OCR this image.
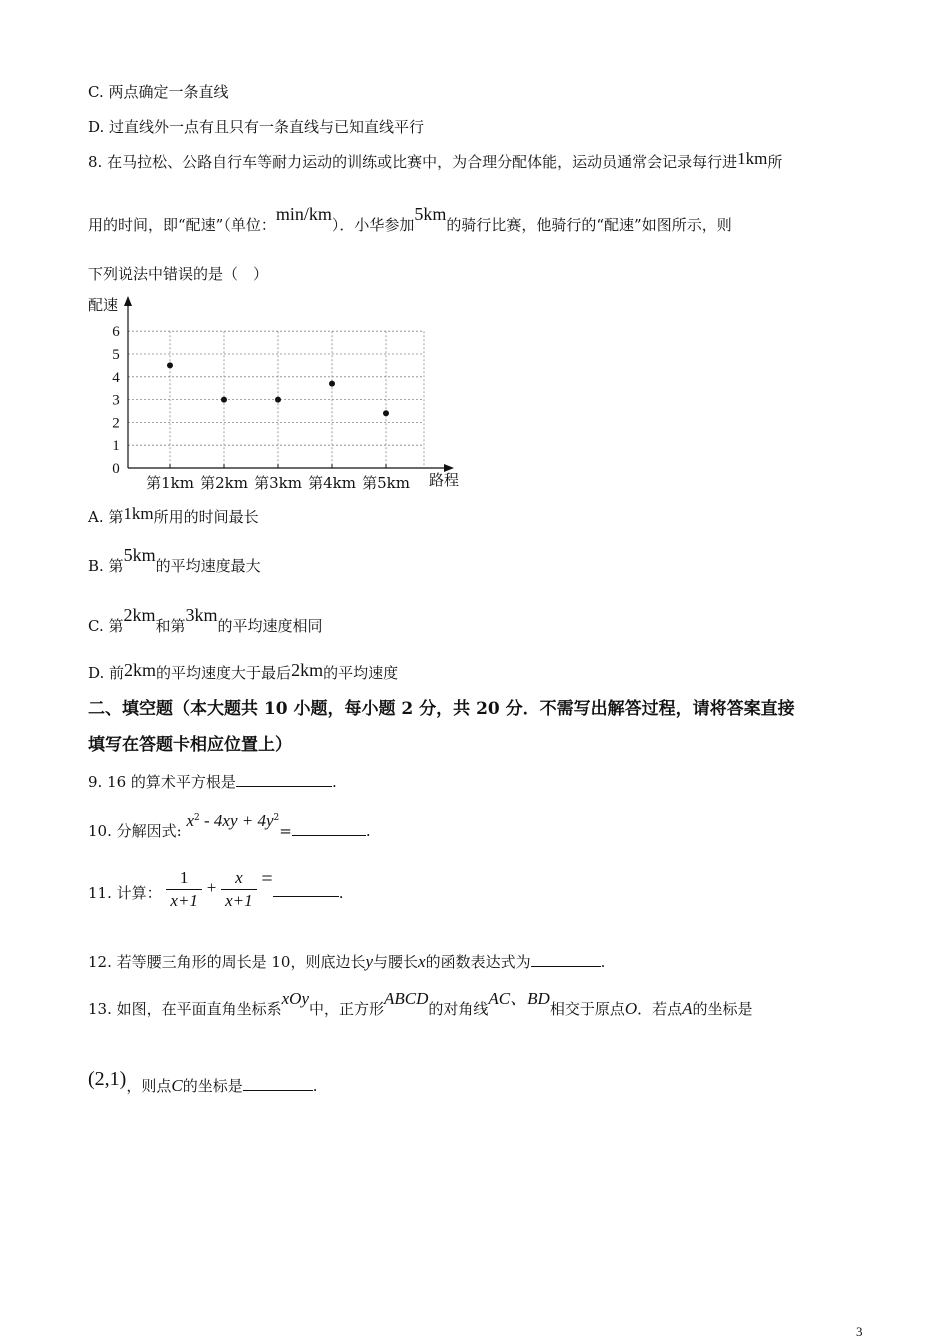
C. 两点确定一条直线
D. 过直线外一点有且只有一条直线与已知直线平行
8. 在马拉松、公路自行车等耐力运动的训练或比赛中，为合理分配体能，运动员通常会记录每行进1km所
用的时间，即“配速”（单位：min/km）．小华参加5km的骑行比赛，他骑行的“配速”如图所示，则
下列说法中错误的是（　）
配速
路程
0
1
2
3
4
5
6
第1km 第2km 第3km 第4km 第5km
A. 第1km所用的时间最长
B. 第5km的平均速度最大
C. 第2km和第3km的平均速度相同
D. 前2km的平均速度大于最后2km的平均速度
二、填空题（本大题共 10 小题，每小题 2 分，共 20 分．不需写出解答过程，请将答案直接
填写在答题卡相应位置上）
9. 16 的算术平方根是	.
10. 分解因式: $x^2 - 4xy + 4y^2=$	.
11. 计算： $\frac{1}{x+1} + \frac{x}{x+1}$ =.
12. 若等腰三角形的周长是 10，则底边长y与腰长x的函数表达式为	.
13. 如图，在平面直角坐标系xOy中，正方形ABCD的对角线AC、BD相交于原点O．若点A的坐标是
(2,1)，则点C的坐标是	.
3
